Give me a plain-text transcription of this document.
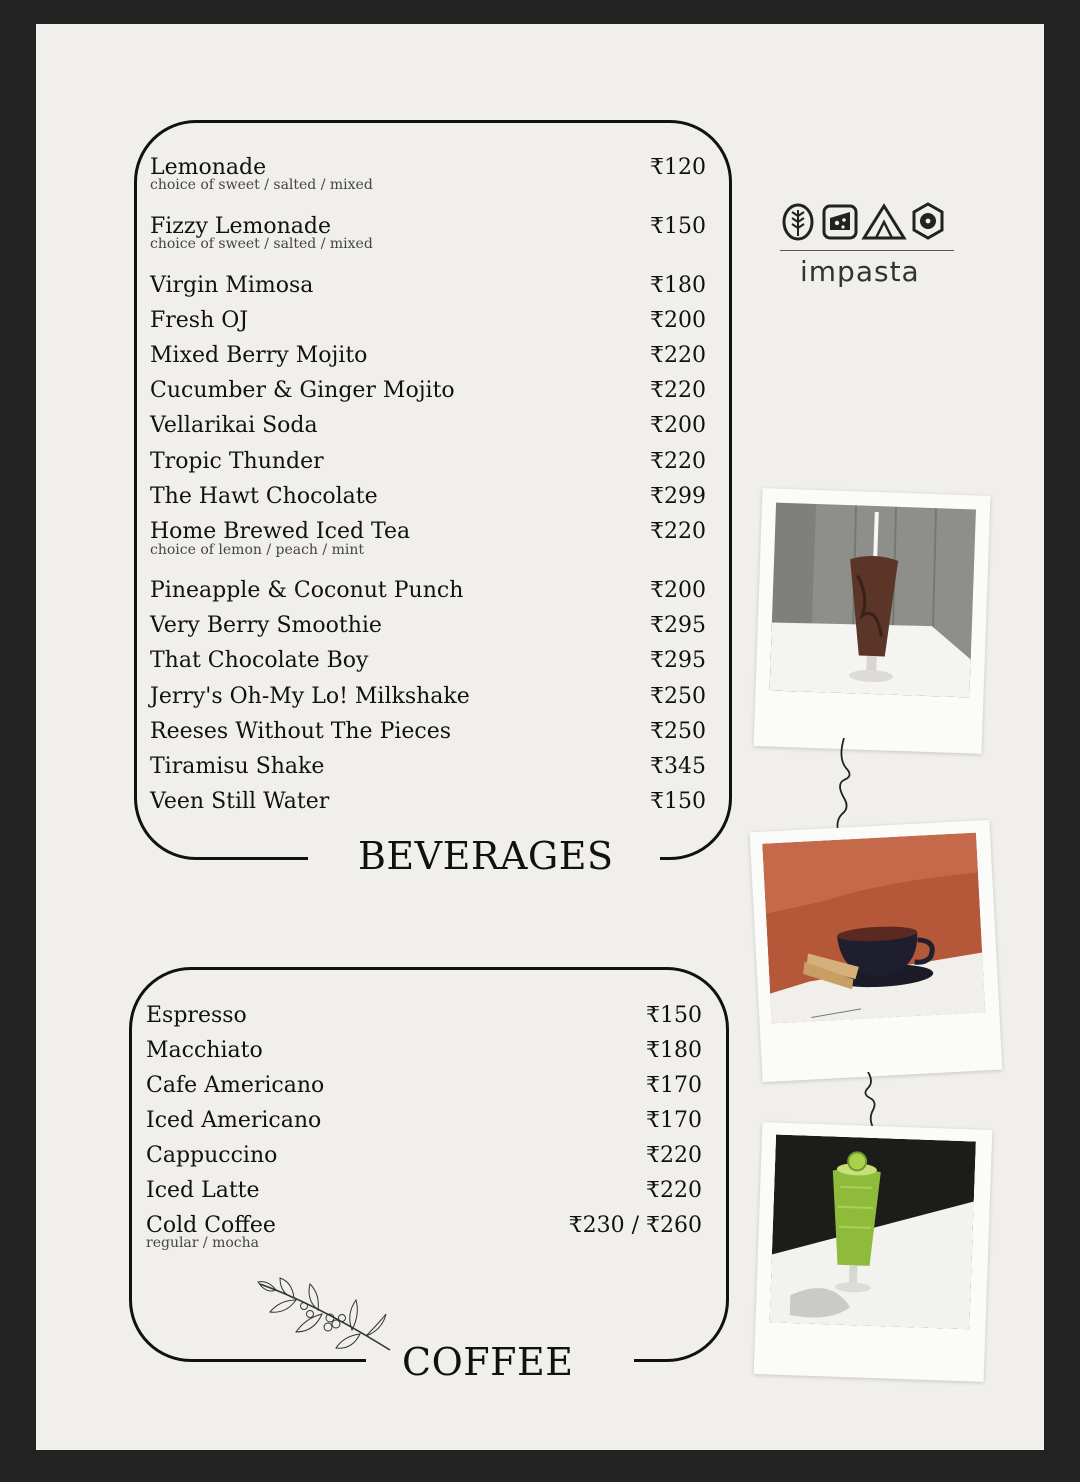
BEVERAGES
Lemonade	₹120
choice of sweet / salted / mixed
Fizzy Lemonade	₹150
choice of sweet / salted / mixed
Virgin Mimosa	₹180
Fresh OJ	₹200
Mixed Berry Mojito	₹220
Cucumber & Ginger Mojito	₹220
Vellarikai Soda	₹200
Tropic Thunder	₹220
The Hawt Chocolate	₹299
Home Brewed Iced Tea	₹220
choice of lemon / peach / mint
Pineapple & Coconut Punch	₹200
Very Berry Smoothie	₹295
That Chocolate Boy	₹295
Jerry's Oh-My Lo! Milkshake	₹250
Reeses Without The Pieces	₹250
Tiramisu Shake	₹345
Veen Still Water	₹150
COFFEE
Espresso	₹150
Macchiato	₹180
Cafe Americano	₹170
Iced Americano	₹170
Cappuccino	₹220
Iced Latte	₹220
Cold Coffee	₹230 / ₹260
regular / mocha
impasta
